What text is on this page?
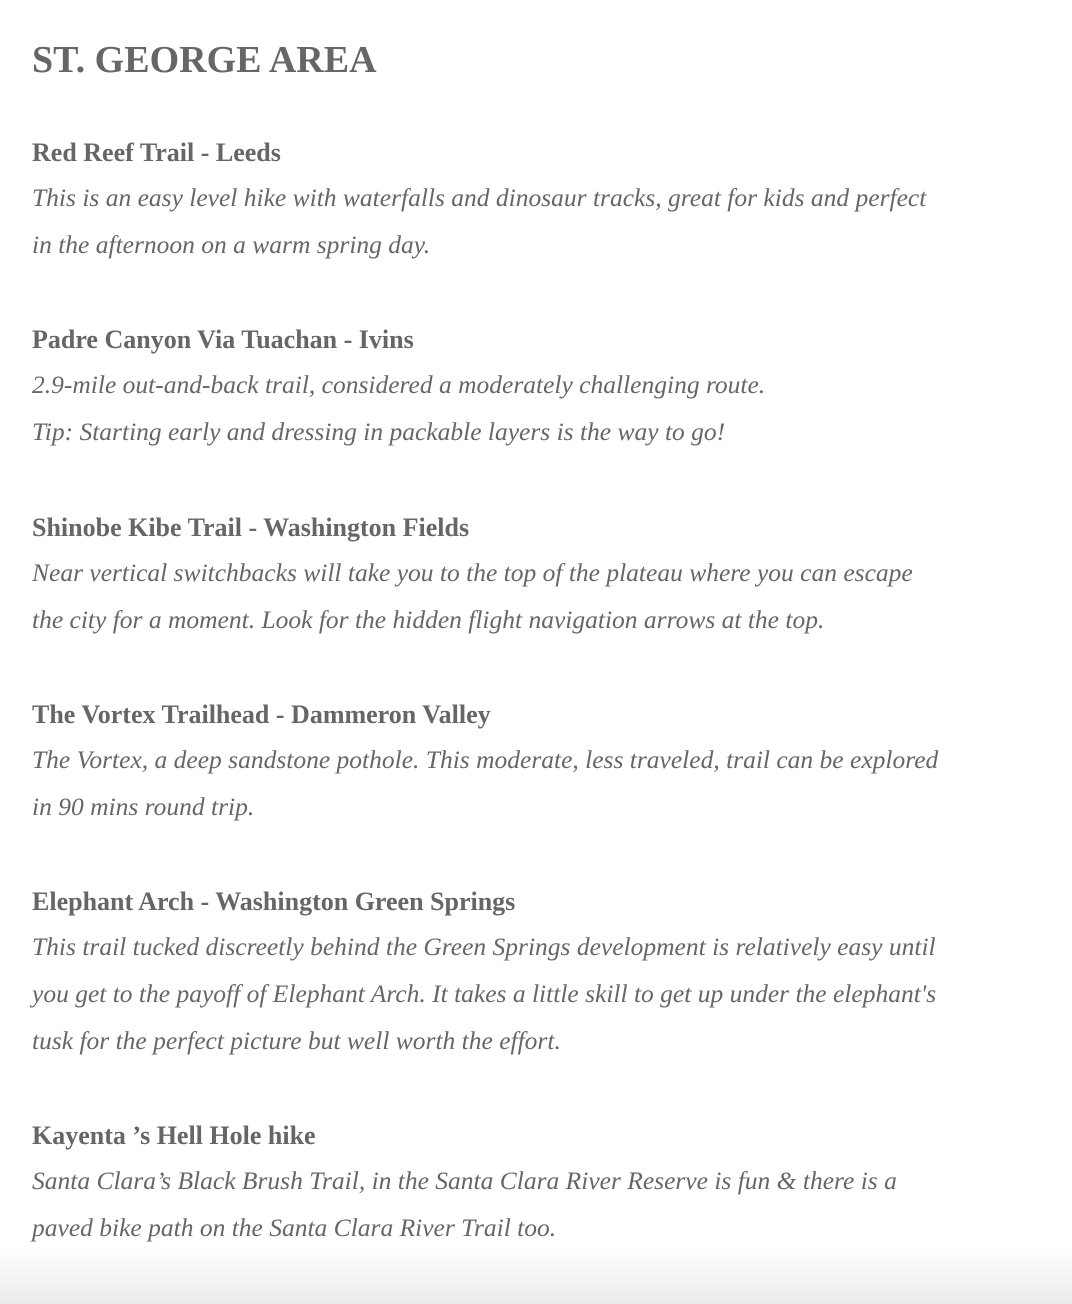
ST. GEORGE AREA
Red Reef Trail - Leeds

This is an easy level hike with waterfalls and dinosaur tracks, great for kids and perfect
in the afternoon on a warm spring day.

Padre Canyon Via Tuachan - Ivins

2.9-mile out-and-back trail, considered a moderately challenging route.
Tip: Starting early and dressing in packable layers is the way to go!

Shinobe Kibe Trail - Washington Fields

Near vertical switchbacks will take you to the top of the plateau where you can escape
the city for a moment. Look for the hidden flight navigation arrows at the top.

The Vortex Trailhead - Dammeron Valley

The Vortex, a deep sandstone pothole. This moderate, less traveled, trail can be explored
in 90 mins round trip.

Elephant Arch - Washington Green Springs

This trail tucked discreetly behind the Green Springs development is relatively easy until
you get to the payoff of Elephant Arch. It takes a little skill to get up under the elephant's
tusk for the perfect picture but well worth the effort.

Kayenta ’s Hell Hole hike

Santa Clara’s Black Brush Trail, in the Santa Clara River Reserve is fun & there is a
paved bike path on the Santa Clara River Trail too.
